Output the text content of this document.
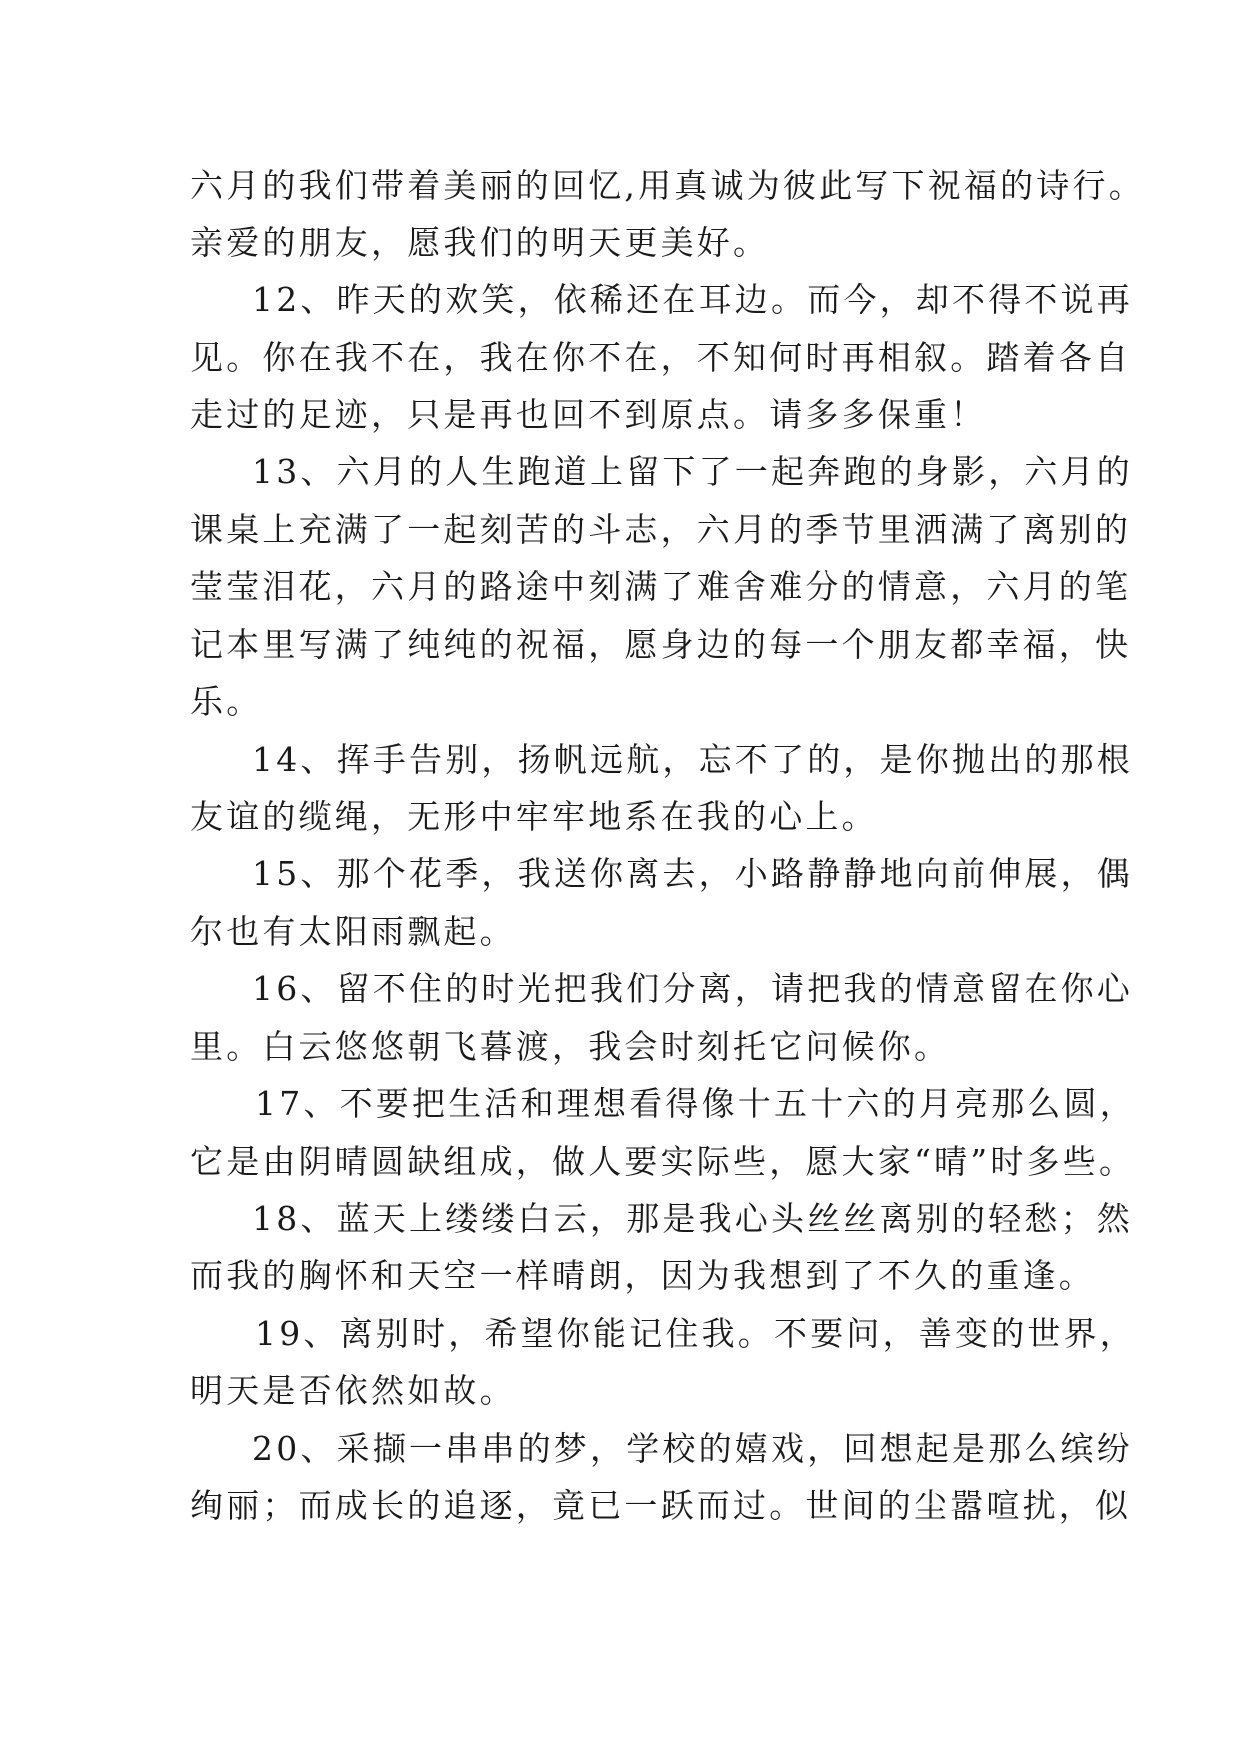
六月的我们带着美丽的回忆,用真诚为彼此写下祝福的诗行。
亲爱的朋友，愿我们的明天更美好。
12、昨天的欢笑，依稀还在耳边。而今，却不得不说再
见。你在我不在，我在你不在，不知何时再相叙。踏着各自
走过的足迹，只是再也回不到原点。请多多保重！
13、六月的人生跑道上留下了一起奔跑的身影，六月的
课桌上充满了一起刻苦的斗志，六月的季节里洒满了离别的
莹莹泪花，六月的路途中刻满了难舍难分的情意，六月的笔
记本里写满了纯纯的祝福，愿身边的每一个朋友都幸福，快
乐。
14、挥手告别，扬帆远航，忘不了的，是你抛出的那根
友谊的缆绳，无形中牢牢地系在我的心上。
15、那个花季，我送你离去，小路静静地向前伸展，偶
尔也有太阳雨飘起。
16、留不住的时光把我们分离，请把我的情意留在你心
里。白云悠悠朝飞暮渡，我会时刻托它问候你。
17、不要把生活和理想看得像十五十六的月亮那么圆，
它是由阴晴圆缺组成，做人要实际些，愿大家“晴”时多些。
18、蓝天上缕缕白云，那是我心头丝丝离别的轻愁；然
而我的胸怀和天空一样晴朗，因为我想到了不久的重逢。
19、离别时，希望你能记住我。不要问，善变的世界，
明天是否依然如故。
20、采撷一串串的梦，学校的嬉戏，回想起是那么缤纷
绚丽；而成长的追逐，竟已一跃而过。世间的尘嚣喧扰，似
